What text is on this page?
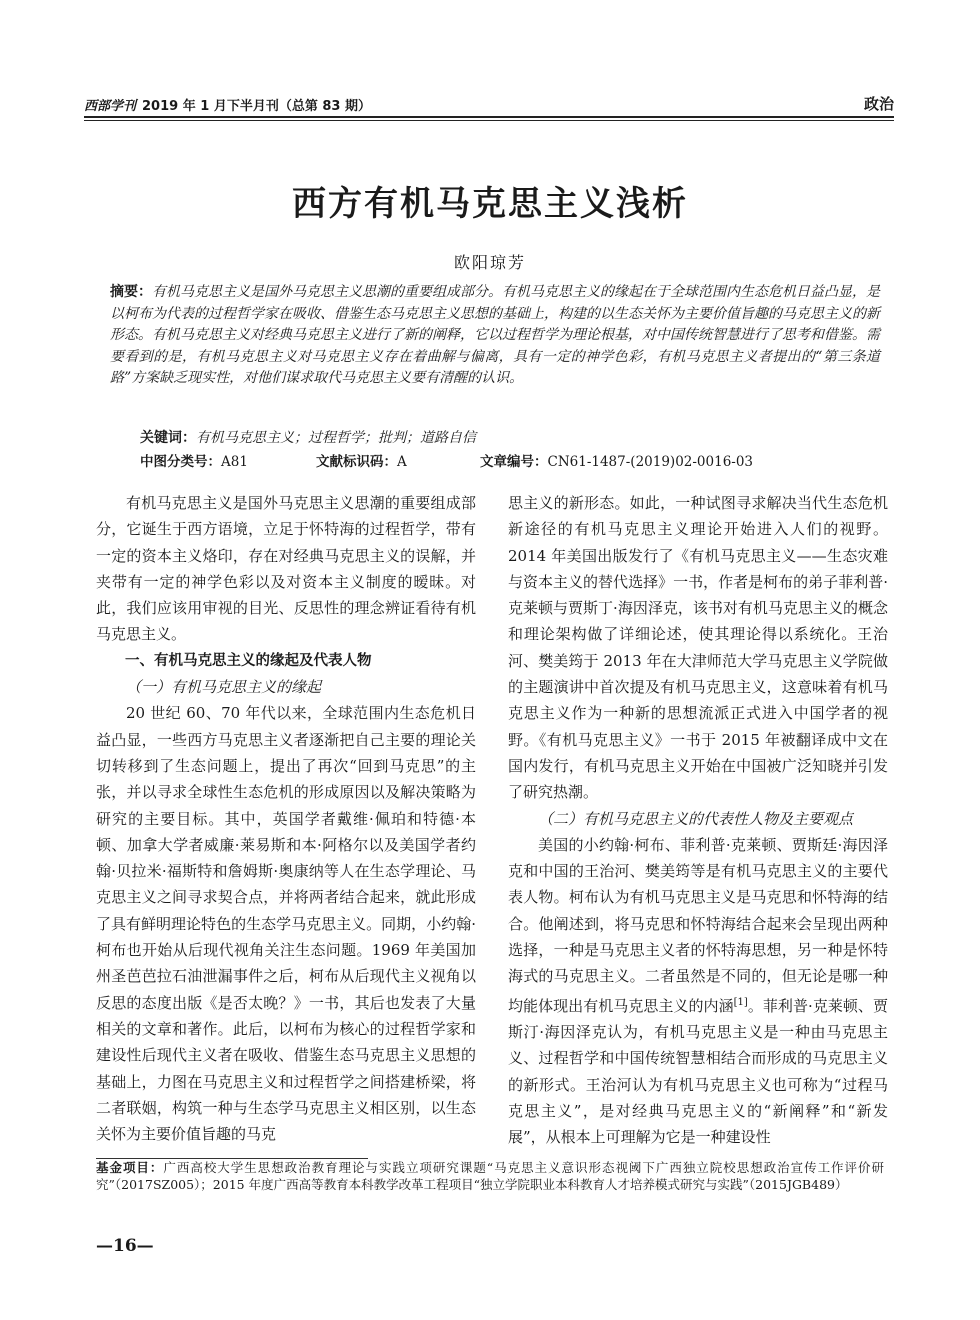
西部学刊 2019 年 1 月下半月刊（总第 83 期）	政治
西方有机马克思主义浅析
欧阳琼芳
摘要：有机马克思主义是国外马克思主义思潮的重要组成部分。有机马克思主义的缘起在于全球范围内生态危机日益凸显，是以柯布为代表的过程哲学家在吸收、借鉴生态马克思主义思想的基础上，构建的以生态关怀为主要价值旨趣的马克思主义的新形态。有机马克思主义对经典马克思主义进行了新的阐释，它以过程哲学为理论根基，对中国传统智慧进行了思考和借鉴。需要看到的是，有机马克思主义对马克思主义存在着曲解与偏离，具有一定的神学色彩，有机马克思主义者提出的“第三条道路”方案缺乏现实性，对他们谋求取代马克思主义要有清醒的认识。
关键词：有机马克思主义；过程哲学；批判；道路自信
中图分类号：A81	文献标识码：A	文章编号：CN61-1487-(2019)02-0016-03

有机马克思主义是国外马克思主义思潮的重要组成部分，它诞生于西方语境，立足于怀特海的过程哲学，带有一定的资本主义烙印，存在对经典马克思主义的误解，并夹带有一定的神学色彩以及对资本主义制度的暧昧。对此，我们应该用审视的目光、反思性的理念辨证看待有机马克思主义。

一、有机马克思主义的缘起及代表人物
（一）有机马克思主义的缘起

20 世纪 60、70 年代以来，全球范围内生态危机日益凸显，一些西方马克思主义者逐渐把自己主要的理论关切转移到了生态问题上，提出了再次“回到马克思”的主张，并以寻求全球性生态危机的形成原因以及解决策略为研究的主要目标。其中，英国学者戴维·佩珀和特德·本顿、加拿大学者威廉·莱易斯和本·阿格尔以及美国学者约翰·贝拉米·福斯特和詹姆斯·奥康纳等人在生态学理论、马克思主义之间寻求契合点，并将两者结合起来，就此形成了具有鲜明理论特色的生态学马克思主义。同期，小约翰·柯布也开始从后现代视角关注生态问题。1969 年美国加州圣芭芭拉石油泄漏事件之后，柯布从后现代主义视角以反思的态度出版《是否太晚？》一书，其后也发表了大量相关的文章和著作。此后，以柯布为核心的过程哲学家和建设性后现代主义者在吸收、借鉴生态马克思主义思想的基础上，力图在马克思主义和过程哲学之间搭建桥梁，将二者联姻，构筑一种与生态学马克思主义相区别，以生态关怀为主要价值旨趣的马克

思主义的新形态。如此，一种试图寻求解决当代生态危机新途径的有机马克思主义理论开始进入人们的视野。2014 年美国出版发行了《有机马克思主义——生态灾难与资本主义的替代选择》一书，作者是柯布的弟子菲利普·克莱顿与贾斯丁·海因泽克，该书对有机马克思主义的概念和理论架构做了详细论述，使其理论得以系统化。王治河、樊美筠于 2013 年在大津师范大学马克思主义学院做的主题演讲中首次提及有机马克思主义，这意味着有机马克思主义作为一种新的思想流派正式进入中国学者的视野。《有机马克思主义》一书于 2015 年被翻译成中文在国内发行，有机马克思主义开始在中国被广泛知晓并引发了研究热潮。

（二）有机马克思主义的代表性人物及主要观点

美国的小约翰·柯布、菲利普·克莱顿、贾斯廷·海因泽克和中国的王治河、樊美筠等是有机马克思主义的主要代表人物。柯布认为有机马克思主义是马克思和怀特海的结合。他阐述到，将马克思和怀特海结合起来会呈现出两种选择，一种是马克思主义者的怀特海思想，另一种是怀特海式的马克思主义。二者虽然是不同的，但无论是哪一种均能体现出有机马克思主义的内涵[1]。菲利普·克莱顿、贾斯汀·海因泽克认为，有机马克思主义是一种由马克思主义、过程哲学和中国传统智慧相结合而形成的马克思主义的新形式。王治河认为有机马克思主义也可称为“过程马克思主义”，是对经典马克思主义的“新阐释”和“新发展”，从根本上可理解为它是一种建设性

基金项目：广西高校大学生思想政治教育理论与实践立项研究课题“马克思主义意识形态视阈下广西独立院校思想政治宣传工作评价研究”（2017SZ005）；2015 年度广西高等教育本科教学改革工程项目“独立学院职业本科教育人才培养模式研究与实践”（2015JGB489）
—16—
